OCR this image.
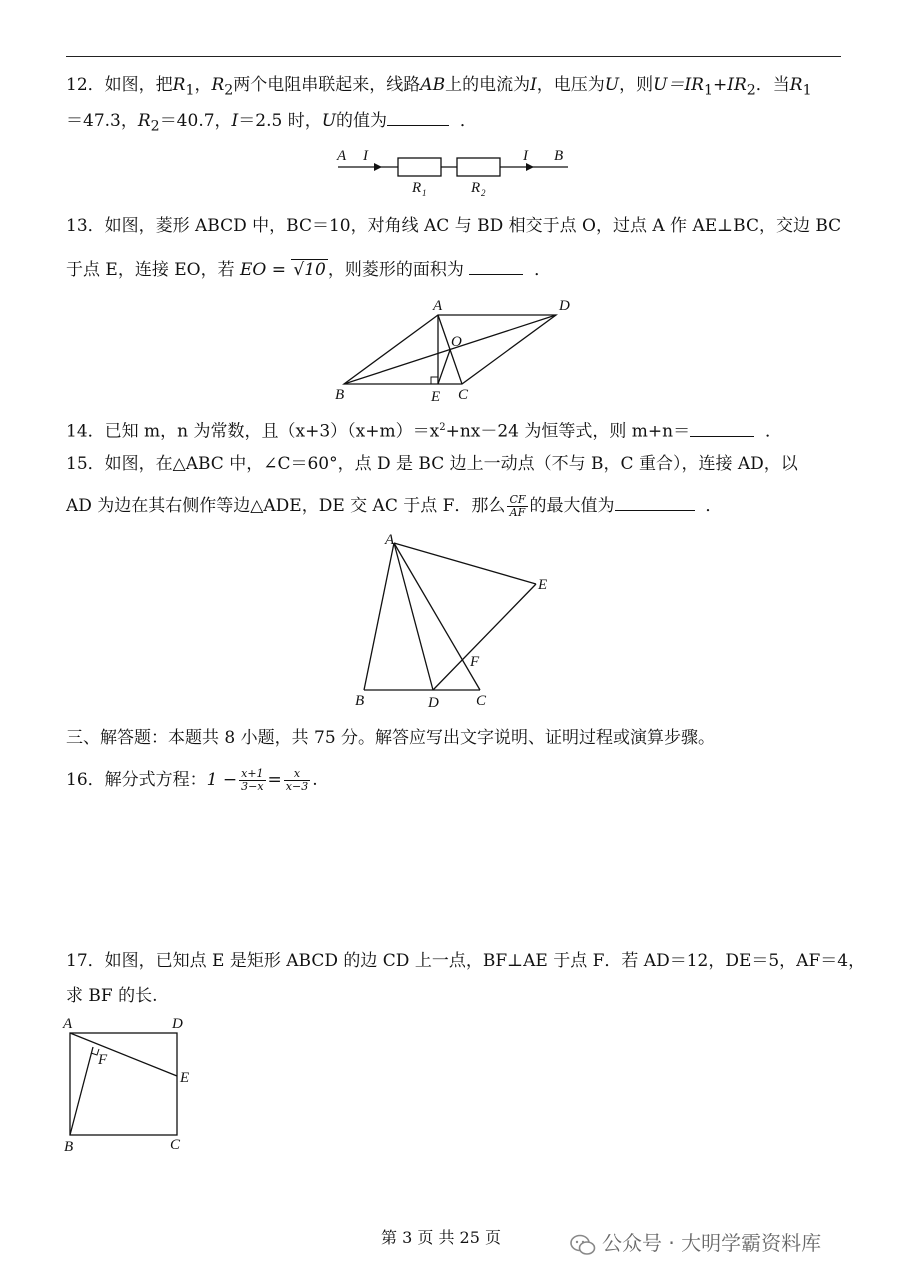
12．如图，把$R_1$，$R_2$两个电阻串联起来，线路AB上的电流为I，电压为U，则$U=IR_1+IR_2$．当$R_1$
＝47.3，$R_2=40.7$，I＝2.5 时，U的值为	．
A I
R 1	R 2
I B
13．如图，菱形 ABCD 中，BC＝10，对角线 AC 与 BD 相交于点 O，过点 A 作 AE⊥BC，交边 BC
于点 E，连接 EO，若 EO = √10 ，则菱形的面积为	．
A
B	C
D
E
O
14．已知 m，n 为常数，且$(x+3)(x+m)=x^2+nx-24$ 为恒等式，则 m+n＝	．
15．如图，在△ABC 中，∠C＝60°，点 D 是 BC 边上一动点（不与 B，C 重合），连接 AD，以
AD 为边在其右侧作等边△ADE，DE 交 AC 于点 F．那么 $\frac{CF}{AF}$ 的最大值为	．
A
B	D C
E
F
三、解答题：本题共 8 小题，共 75 分。解答应写出文字说明、证明过程或演算步骤。
16．解分式方程：$1 - \frac{x+1}{3-x} = \frac{x}{x-3}$ .
17．如图，已知点 E 是矩形 ABCD 的边 CD 上一点，BF⊥AE 于点 F．若 AD＝12，DE＝5，AF＝4，
求 BF 的长.
A	D
F
E
B	C
第 3 页 共 25 页	公众号 · 大明学霸资料库
